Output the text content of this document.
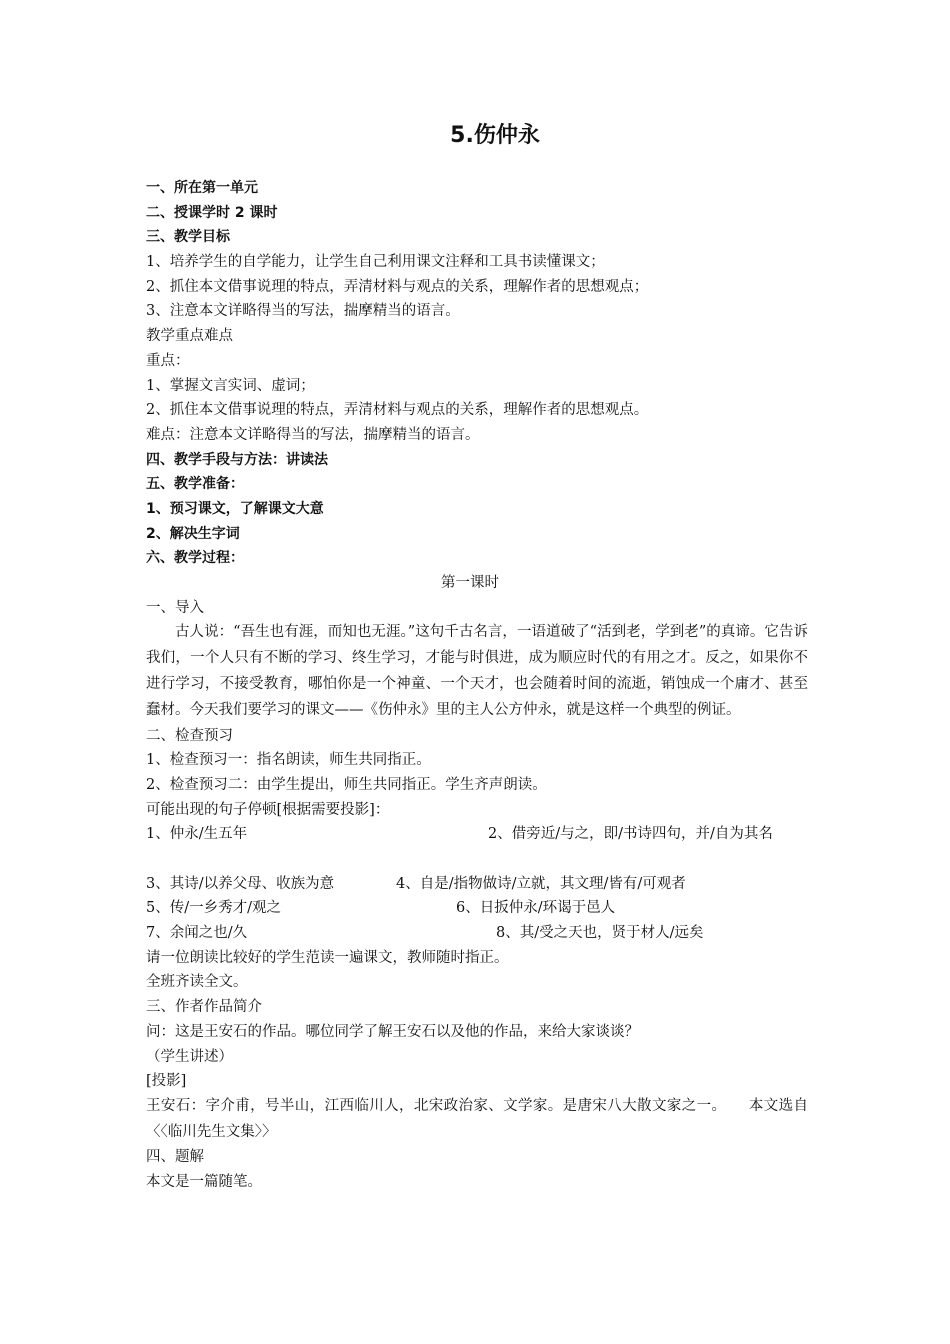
5.伤仲永
一、所在第一单元
二、授课学时 2 课时
三、教学目标
1、培养学生的自学能力，让学生自己利用课文注释和工具书读懂课文；
2、抓住本文借事说理的特点，弄清材料与观点的关系，理解作者的思想观点；
3、注意本文详略得当的写法，揣摩精当的语言。
教学重点难点
重点：
1、掌握文言实词、虚词；
2、抓住本文借事说理的特点，弄清材料与观点的关系，理解作者的思想观点。
难点：注意本文详略得当的写法，揣摩精当的语言。
四、教学手段与方法：讲读法
五、教学准备：
1、预习课文，了解课文大意
2、解决生字词
六、教学过程：
第一课时
一、导入

古人说：“吾生也有涯，而知也无涯。”这句千古名言，一语道破了“活到老，学到老”的真谛。它告诉我们，一个人只有不断的学习、终生学习，才能与时俱进，成为顺应时代的有用之才。反之，如果你不进行学习，不接受教育，哪怕你是一个神童、一个天才，也会随着时间的流逝，销蚀成一个庸才、甚至蠢材。今天我们要学习的课文——《伤仲永》里的主人公方仲永，就是这样一个典型的例证。

二、检查预习
1、检查预习一：指名朗读，师生共同指正。
2、检查预习二：由学生提出，师生共同指正。学生齐声朗读。
可能出现的句子停顿[根据需要投影]：
1、仲永/生五年	2、借旁近/与之，即/书诗四句，并/自为其名
3、其诗/以养父母、收族为意	4、自是/指物做诗/立就，其文理/皆有/可观者
5、传/一乡秀才/观之	6、日扳仲永/环谒于邑人
7、余闻之也/久	8、其/受之天也，贤于材人/远矣
请一位朗读比较好的学生范读一遍课文，教师随时指正。
全班齐读全文。
三、作者作品简介
问：这是王安石的作品。哪位同学了解王安石以及他的作品，来给大家谈谈？
（学生讲述）
[投影]

王安石：字介甫，号半山，江西临川人，北宋政治家、文学家。是唐宋八大散文家之一。　　本文选自〈〈临川先生文集〉〉

四、题解
本文是一篇随笔。
